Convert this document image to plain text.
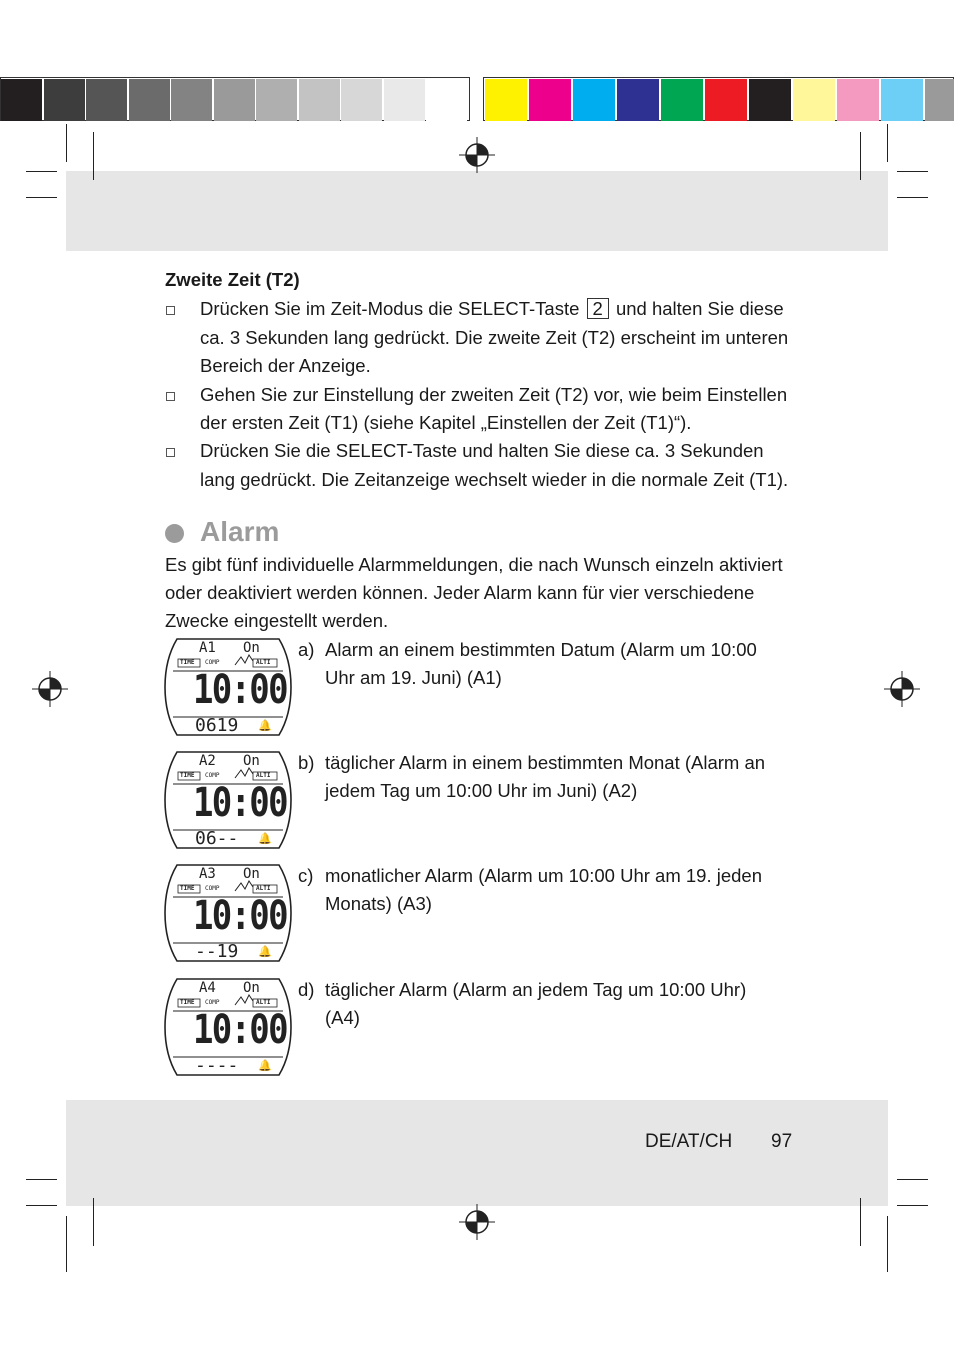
Zweite Zeit (T2)
Drücken Sie im Zeit-Modus die SELECT-Taste 2 und halten Sie diese
ca. 3 Sekunden lang gedrückt. Die zweite Zeit (T2) erscheint im unteren
Bereich der Anzeige.
Gehen Sie zur Einstellung der zweiten Zeit (T2) vor, wie beim Einstellen
der ersten Zeit (T1) (siehe Kapitel „Einstellen der Zeit (T1)“).
Drücken Sie die SELECT-Taste und halten Sie diese ca. 3 Sekunden
lang gedrückt. Die Zeitanzeige wechselt wieder in die normale Zeit (T1).
Alarm
Es gibt fünf individuelle Alarmmeldungen, die nach Wunsch einzeln aktiviert
oder deaktiviert werden können. Jeder Alarm kann für vier verschiedene
Zwecke eingestellt werden.
A1 On
TIME COMP	ALTI
10:00
0619 🔔
a) Alarm an einem bestimmten Datum (Alarm um 10:00
Uhr am 19. Juni) (A1)
A2 On
TIME COMP	ALTI
10:00
06-- 🔔
b) täglicher Alarm in einem bestimmten Monat (Alarm an
jedem Tag um 10:00 Uhr im Juni) (A2)
A3 On
TIME COMP	ALTI
10:00
--19 🔔
c) monatlicher Alarm (Alarm um 10:00 Uhr am 19. jeden
Monats) (A3)
A4 On
TIME COMP	ALTI
10:00
---- 🔔
d) täglicher Alarm (Alarm an jedem Tag um 10:00 Uhr)
(A4)
DE/AT/CH 97
